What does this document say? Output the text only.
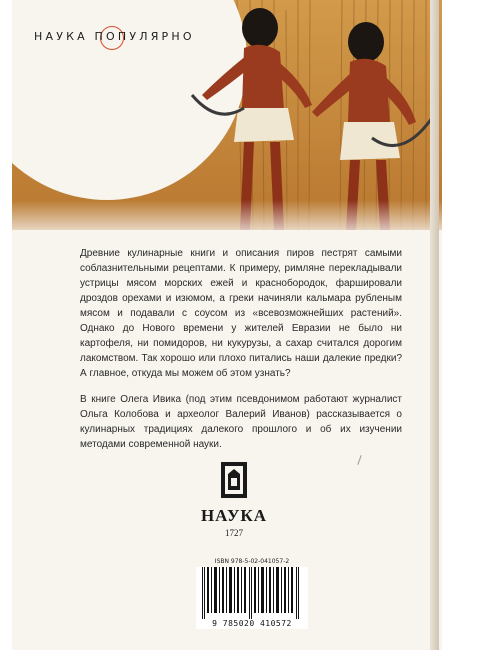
НАУКА ПОПУЛЯРНО

Древние кулинарные книги и описания пиров пестрят самыми соблазнительными рецептами. К примеру, римляне перекладывали устрицы мясом морских ежей и краснобородок, фаршировали дроздов орехами и изюмом, а греки начиняли кальмара рубленым мясом и подавали с соусом из «всевозможнейших растений». Однако до Нового времени у жителей Евразии не было ни картофеля, ни помидоров, ни кукурузы, а сахар считался дорогим лакомством. Так хорошо или плохо питались наши далекие предки? А главное, откуда мы можем об этом узнать?

В книге Олега Ивика (под этим псевдонимом работают журналист Ольга Колобова и археолог Валерий Иванов) рассказывается о кулинарных традициях далекого прошлого и об их изучении методами современной науки.

НАУКА
1727
ISBN 978-5-02-041057-2
9 785020 410572
